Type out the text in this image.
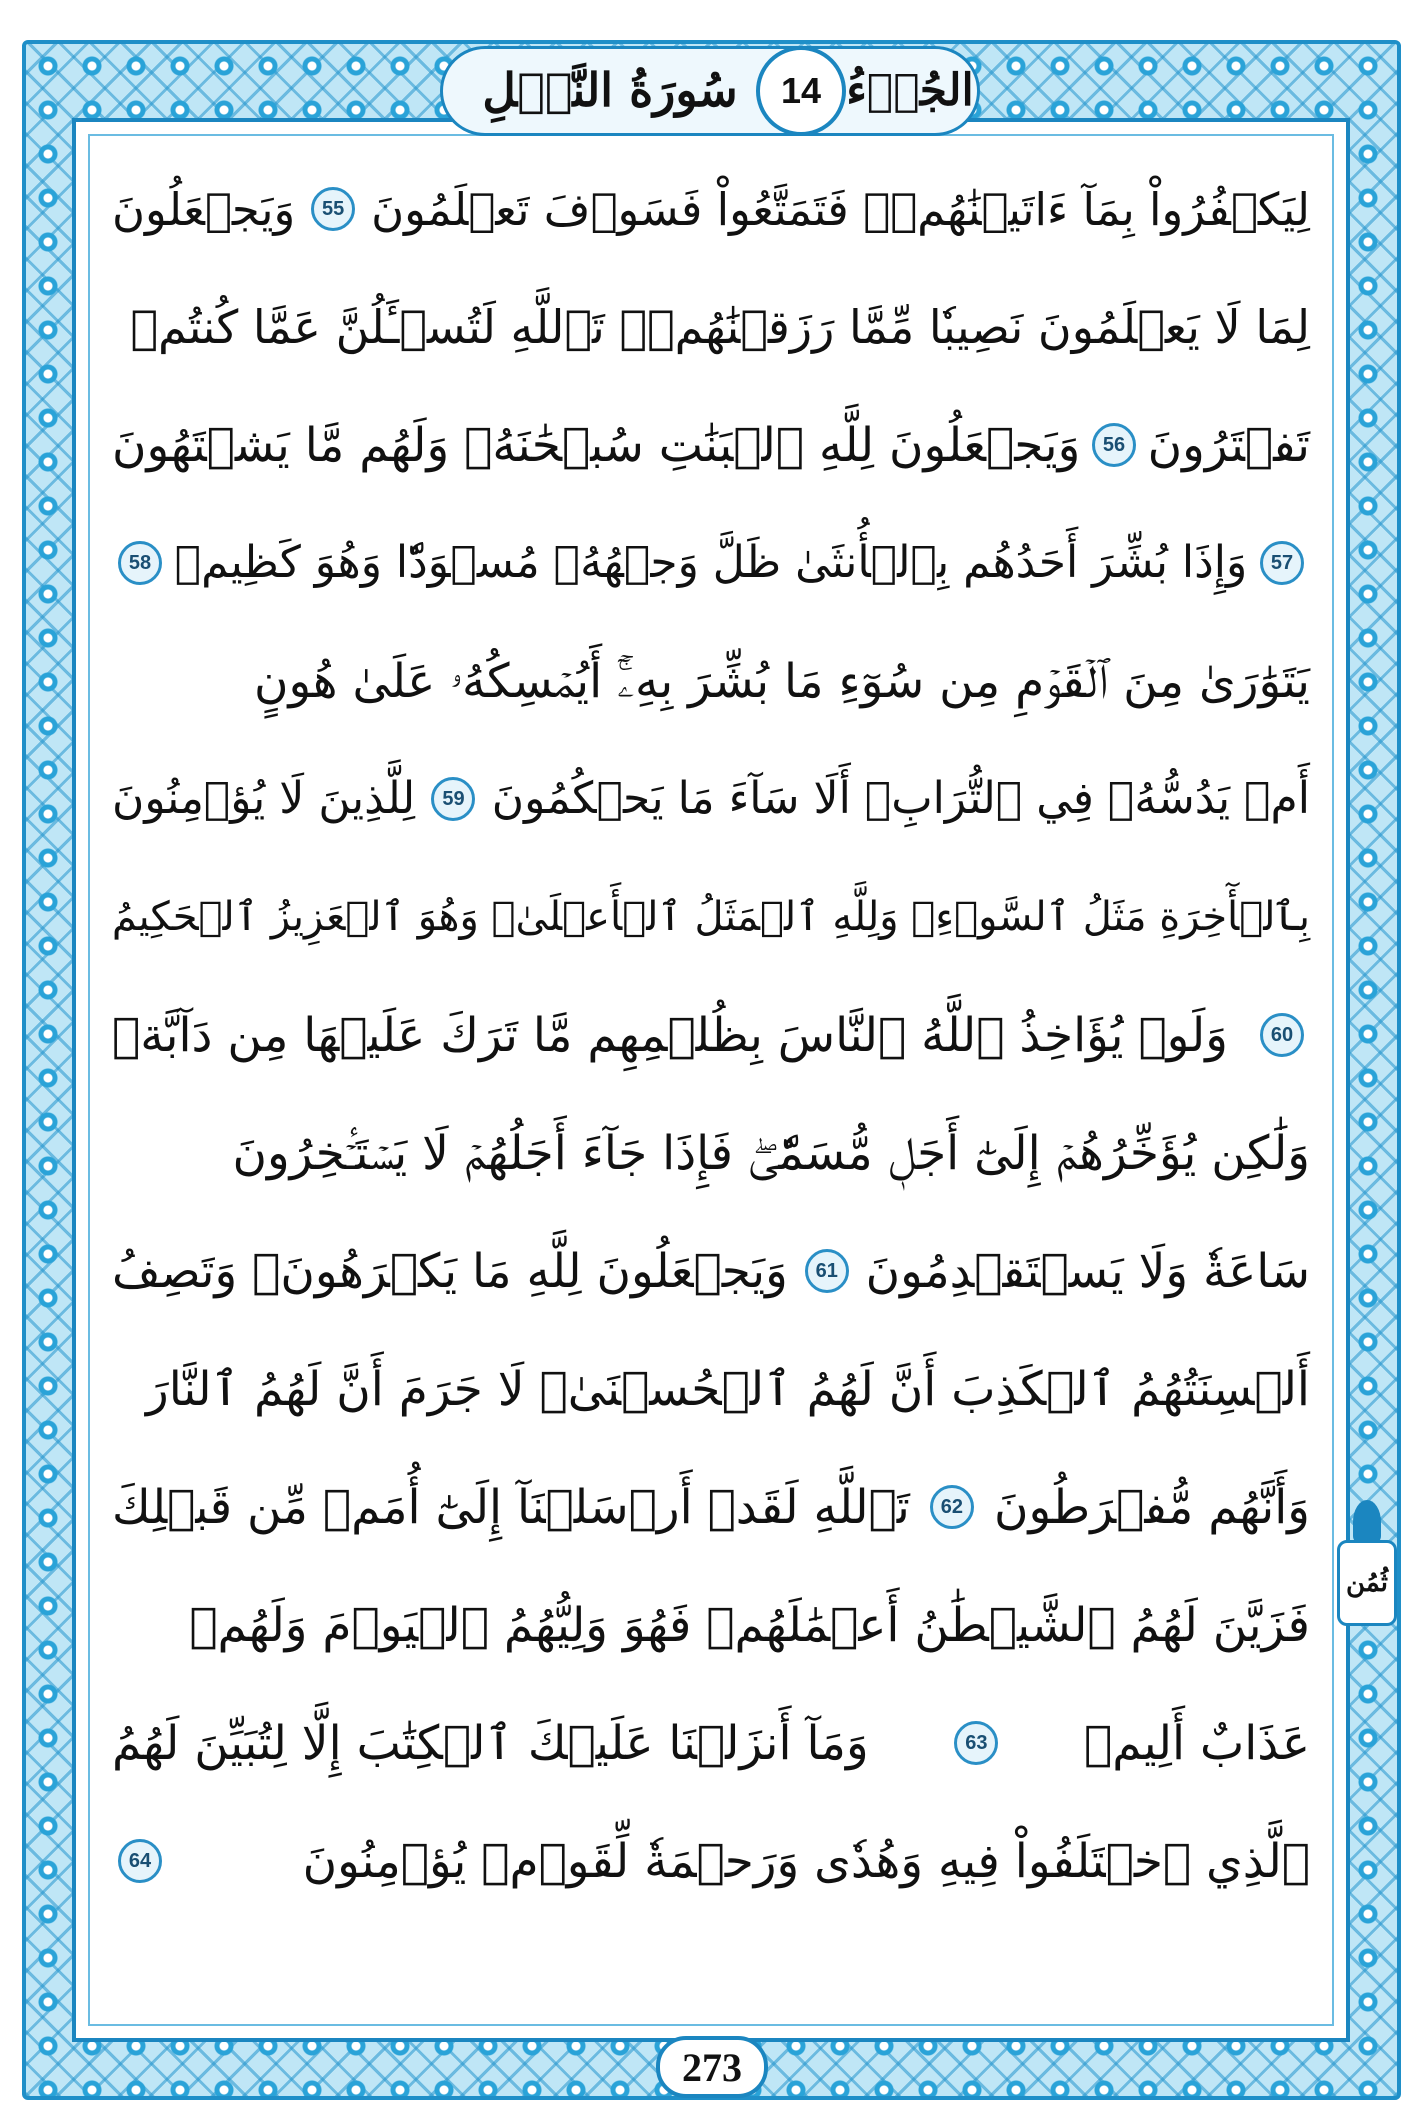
سُورَةُ النَّحۡلِ	14 الجُزۡءُ
لِيَكۡفُرُواْ بِمَآ ءَاتَيۡنَٰهُمۡۚ فَتَمَتَّعُواْ فَسَوۡفَ تَعۡلَمُونَ
55
وَيَجۡعَلُونَ
لِمَا لَا يَعۡلَمُونَ نَصِيبٗا مِّمَّا رَزَقۡنَٰهُمۡۗ تَٱللَّهِ لَتُسۡـَٔلُنَّ عَمَّا كُنتُمۡ
تَفۡتَرُونَ
56
وَيَجۡعَلُونَ لِلَّهِ ٱلۡبَنَٰتِ سُبۡحَٰنَهُۥ وَلَهُم مَّا يَشۡتَهُونَ
57
وَإِذَا بُشِّرَ أَحَدُهُم بِٱلۡأُنثَىٰ ظَلَّ وَجۡهُهُۥ مُسۡوَدّٗا وَهُوَ كَظِيمٞ
58
يَتَوَٰرَىٰ مِنَ ٱلۡقَوۡمِ مِن سُوٓءِ مَا بُشِّرَ بِهِۦٓۚ أَيُمۡسِكُهُۥ عَلَىٰ هُونٍ
أَمۡ يَدُسُّهُۥ فِي ٱلتُّرَابِۗ أَلَا سَآءَ مَا يَحۡكُمُونَ
59
لِلَّذِينَ لَا يُؤۡمِنُونَ
بِٱلۡأٓخِرَةِ مَثَلُ ٱلسَّوۡءِۖ وَلِلَّهِ ٱلۡمَثَلُ ٱلۡأَعۡلَىٰۚ وَهُوَ ٱلۡعَزِيزُ ٱلۡحَكِيمُ
60
وَلَوۡ يُؤَاخِذُ ٱللَّهُ ٱلنَّاسَ بِظُلۡمِهِم مَّا تَرَكَ عَلَيۡهَا مِن دَآبَّةٖ
وَلَٰكِن يُؤَخِّرُهُمۡ إِلَىٰٓ أَجَلٖ مُّسَمّٗىۖ فَإِذَا جَآءَ أَجَلُهُمۡ لَا يَسۡتَـٔۡخِرُونَ
سَاعَةٗ وَلَا يَسۡتَقۡدِمُونَ
61
وَيَجۡعَلُونَ لِلَّهِ مَا يَكۡرَهُونَۚ وَتَصِفُ
أَلۡسِنَتُهُمُ ٱلۡكَذِبَ أَنَّ لَهُمُ ٱلۡحُسۡنَىٰۖ لَا جَرَمَ أَنَّ لَهُمُ ٱلنَّارَ
وَأَنَّهُم مُّفۡرَطُونَ
62
تَٱللَّهِ لَقَدۡ أَرۡسَلۡنَآ إِلَىٰٓ أُمَمٖ مِّن قَبۡلِكَ
فَزَيَّنَ لَهُمُ ٱلشَّيۡطَٰنُ أَعۡمَٰلَهُمۡ فَهُوَ وَلِيُّهُمُ ٱلۡيَوۡمَ وَلَهُمۡ
عَذَابٌ أَلِيمٞ
63
وَمَآ أَنزَلۡنَا عَلَيۡكَ ٱلۡكِتَٰبَ إِلَّا لِتُبَيِّنَ لَهُمُ
ٱلَّذِي ٱخۡتَلَفُواْ فِيهِ وَهُدٗى وَرَحۡمَةٗ لِّقَوۡمٖ يُؤۡمِنُونَ
64
ثُمُن
273
